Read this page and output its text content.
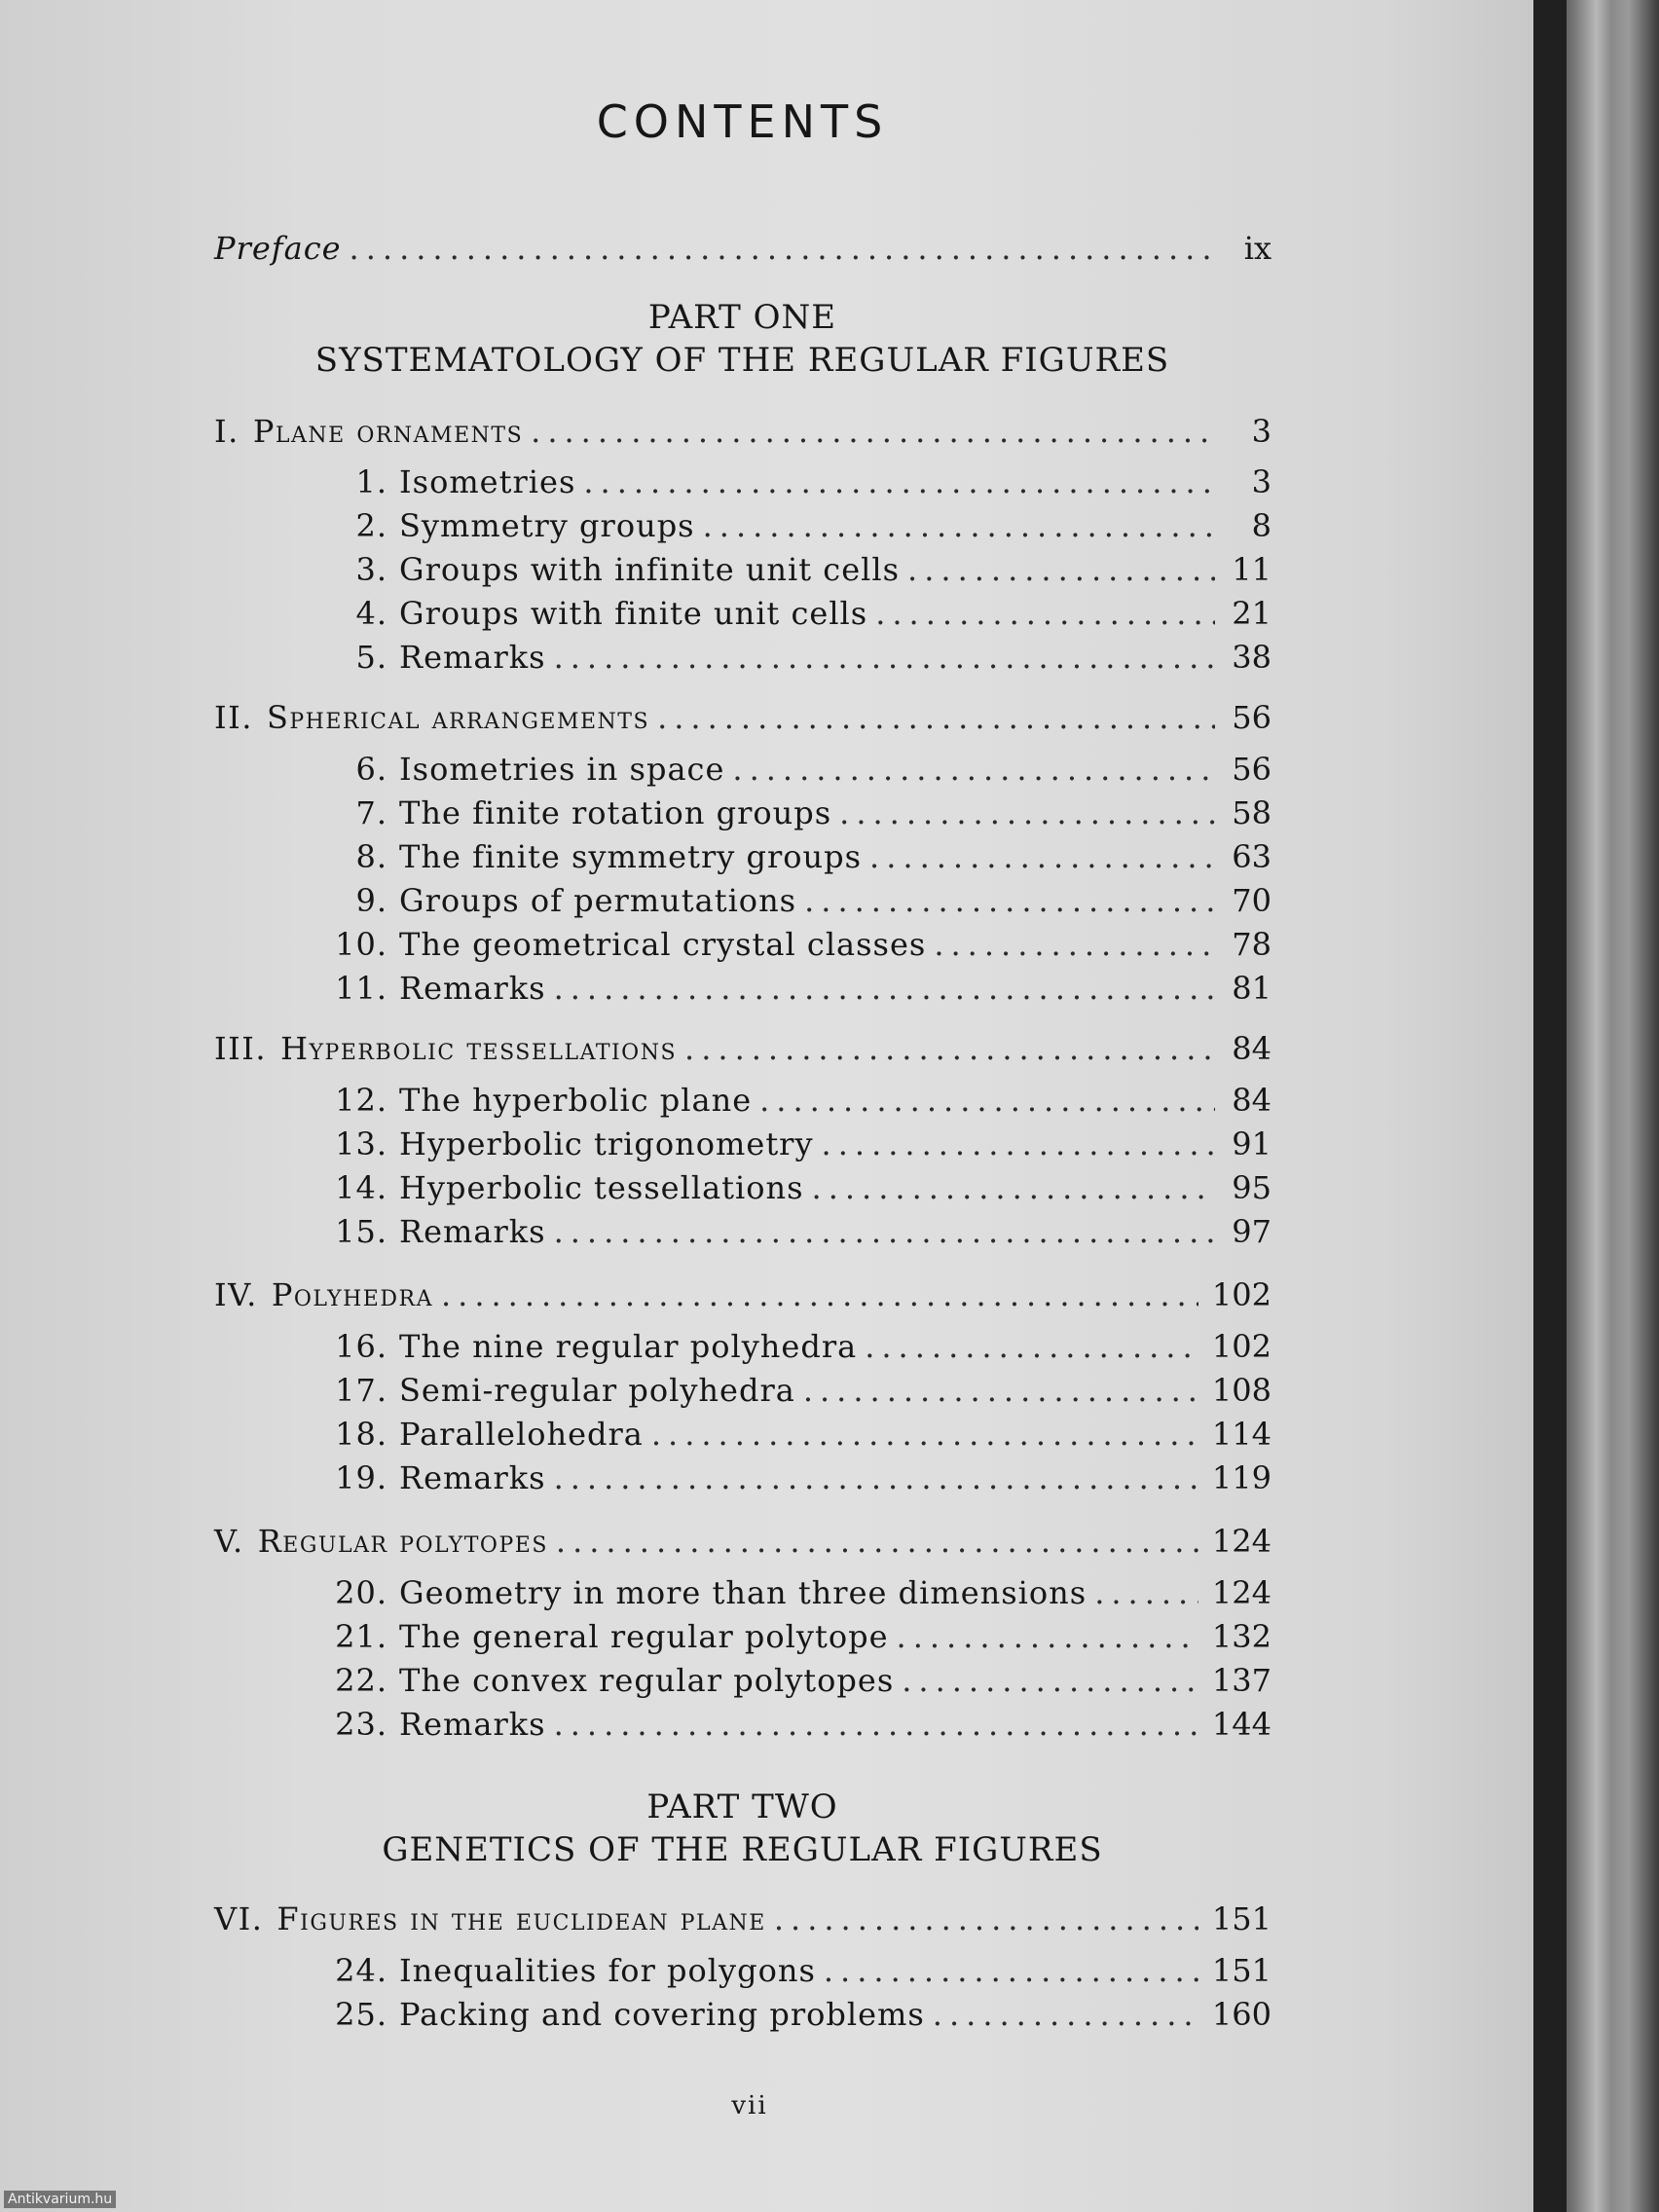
CONTENTS
Preface .....	ix
PART ONE
SYSTEMATOLOGY OF THE REGULAR FIGURES
I. Plane ornaments .....	3
1. Isometries .....	3
2. Symmetry groups .....	8
3. Groups with infinite unit cells .....	11
4. Groups with finite unit cells .....	21
5. Remarks .....	38
II. Spherical arrangements .....	56
6. Isometries in space .....	56
7. The finite rotation groups .....	58
8. The finite symmetry groups .....	63
9. Groups of permutations .....	70
10. The geometrical crystal classes .....	78
11. Remarks .....	81
III. Hyperbolic tessellations .....	84
12. The hyperbolic plane .....	84
13. Hyperbolic trigonometry .....	91
14. Hyperbolic tessellations .....	95
15. Remarks .....	97
IV. Polyhedra .....	102
16. The nine regular polyhedra .....	102
17. Semi-regular polyhedra .....	108
18. Parallelohedra .....	114
19. Remarks .....	119
V. Regular polytopes .....	124
20. Geometry in more than three dimensions .....	124
21. The general regular polytope .....	132
22. The convex regular polytopes .....	137
23. Remarks .....	144
PART TWO
GENETICS OF THE REGULAR FIGURES
VI. Figures in the euclidean plane .....	151
24. Inequalities for polygons .....	151
25. Packing and covering problems .....	160
vii
Antikvarium.hu
